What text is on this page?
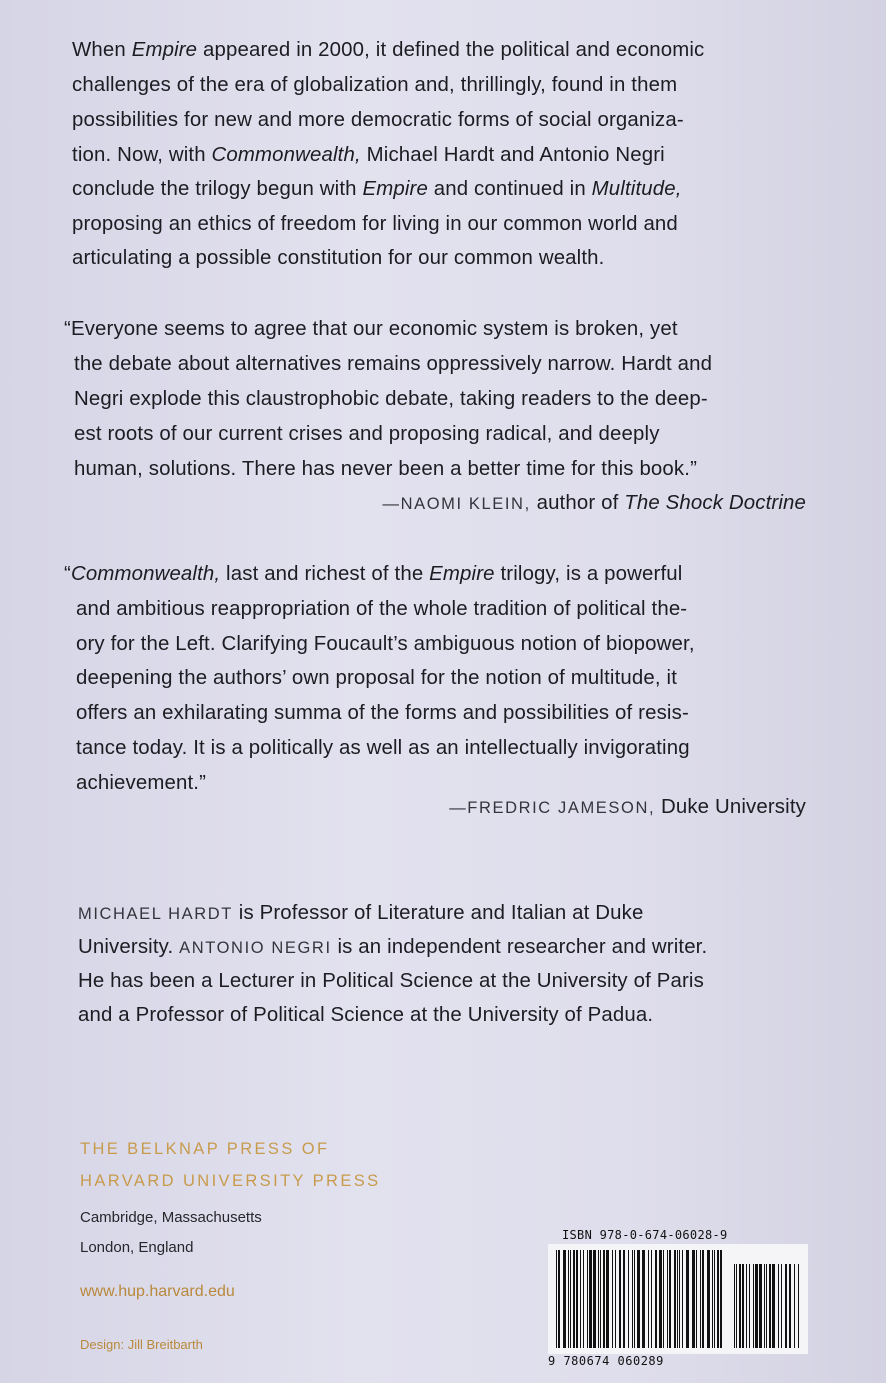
When Empire appeared in 2000, it defined the political and economic
challenges of the era of globalization and, thrillingly, found in them
possibilities for new and more democratic forms of social organiza-
tion. Now, with Commonwealth, Michael Hardt and Antonio Negri
conclude the trilogy begun with Empire and continued in Multitude,
proposing an ethics of freedom for living in our common world and
articulating a possible constitution for our common wealth.
“Everyone seems to agree that our economic system is broken, yet
the debate about alternatives remains oppressively narrow. Hardt and
Negri explode this claustrophobic debate, taking readers to the deep-
est roots of our current crises and proposing radical, and deeply
human, solutions. There has never been a better time for this book.”
—NAOMI KLEIN, author of The Shock Doctrine
“Commonwealth, last and richest of the Empire trilogy, is a powerful
and ambitious reappropriation of the whole tradition of political the-
ory for the Left. Clarifying Foucault’s ambiguous notion of biopower,
deepening the authors’ own proposal for the notion of multitude, it
offers an exhilarating summa of the forms and possibilities of resis-
tance today. It is a politically as well as an intellectually invigorating
achievement.”
—FREDRIC JAMESON, Duke University
MICHAEL HARDT is Professor of Literature and Italian at Duke
University. ANTONIO NEGRI is an independent researcher and writer.
He has been a Lecturer in Political Science at the University of Paris
and a Professor of Political Science at the University of Padua.
THE BELKNAP PRESS OF
HARVARD UNIVERSITY PRESS
Cambridge, Massachusetts
London, England
www.hup.harvard.edu
Design: Jill Breitbarth
ISBN 978-0-674-06028-9
9 780674 060289
